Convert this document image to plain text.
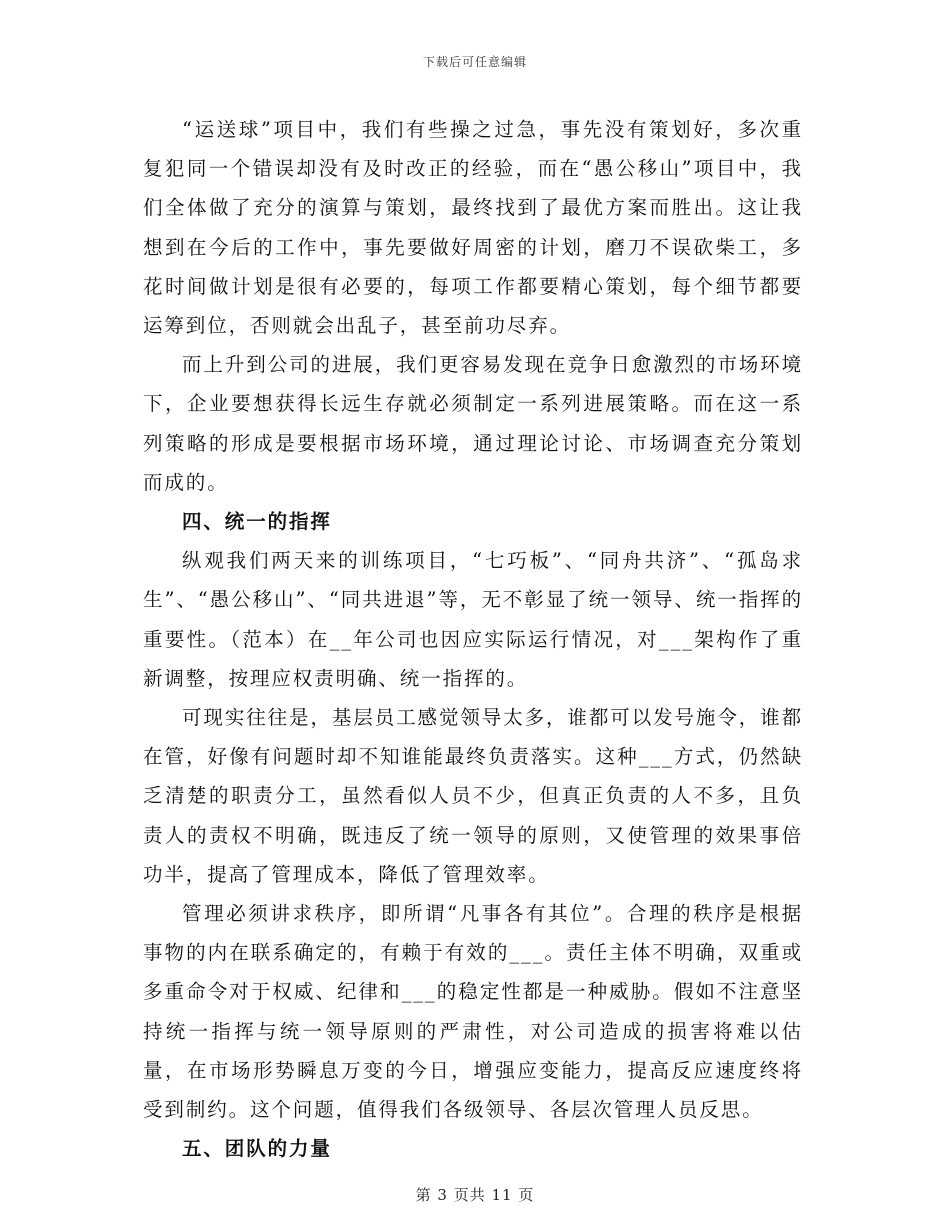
下载后可任意编辑

“运送球”项目中，我们有些操之过急，事先没有策划好，多次重复犯同一个错误却没有及时改正的经验，而在“愚公移山”项目中，我们全体做了充分的演算与策划，最终找到了最优方案而胜出。这让我想到在今后的工作中，事先要做好周密的计划，磨刀不误砍柴工，多花时间做计划是很有必要的，每项工作都要精心策划，每个细节都要运筹到位，否则就会出乱子，甚至前功尽弃。

而上升到公司的进展，我们更容易发现在竞争日愈激烈的市场环境下，企业要想获得长远生存就必须制定一系列进展策略。而在这一系列策略的形成是要根据市场环境，通过理论讨论、市场调查充分策划而成的。

四、统一的指挥

纵观我们两天来的训练项目，“七巧板”、“同舟共济”、“孤岛求生”、“愚公移山”、“同共进退”等，无不彰显了统一领导、统一指挥的重要性。（范本）在__年公司也因应实际运行情况，对___架构作了重新调整，按理应权责明确、统一指挥的。

可现实往往是，基层员工感觉领导太多，谁都可以发号施令，谁都在管，好像有问题时却不知谁能最终负责落实。这种___方式，仍然缺乏清楚的职责分工，虽然看似人员不少，但真正负责的人不多，且负责人的责权不明确，既违反了统一领导的原则，又使管理的效果事倍功半，提高了管理成本，降低了管理效率。

管理必须讲求秩序，即所谓“凡事各有其位”。合理的秩序是根据事物的内在联系确定的，有赖于有效的___。责任主体不明确，双重或多重命令对于权威、纪律和___的稳定性都是一种威胁。假如不注意坚持统一指挥与统一领导原则的严肃性，对公司造成的损害将难以估量，在市场形势瞬息万变的今日，增强应变能力，提高反应速度终将受到制约。这个问题，值得我们各级领导、各层次管理人员反思。

五、团队的力量

第 3 页共 11 页
